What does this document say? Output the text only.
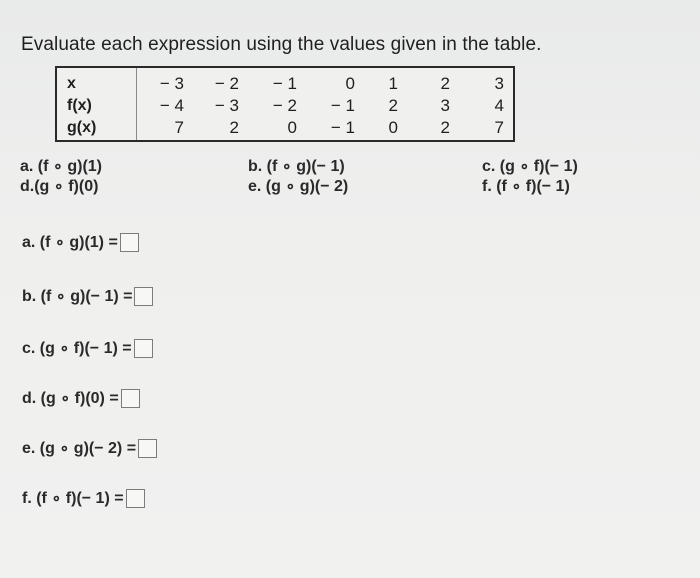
Evaluate each expression using the values given in the table.
x	− 3	− 2	− 1	0	1	2	3
f(x)	− 4	− 3	− 2	− 1	2	3	4
g(x)	7	2	0	− 1	0	2	7
a. (f ∘ g)(1)
d.(g ∘ f)(0)
b. (f ∘ g)(− 1)
e. (g ∘ g)(− 2)
c. (g ∘ f)(− 1)
f. (f ∘ f)(− 1)
a. (f ∘ g)(1) =
b. (f ∘ g)(− 1) =
c. (g ∘ f)(− 1) =
d. (g ∘ f)(0) =
e. (g ∘ g)(− 2) =
f. (f ∘ f)(− 1) =
